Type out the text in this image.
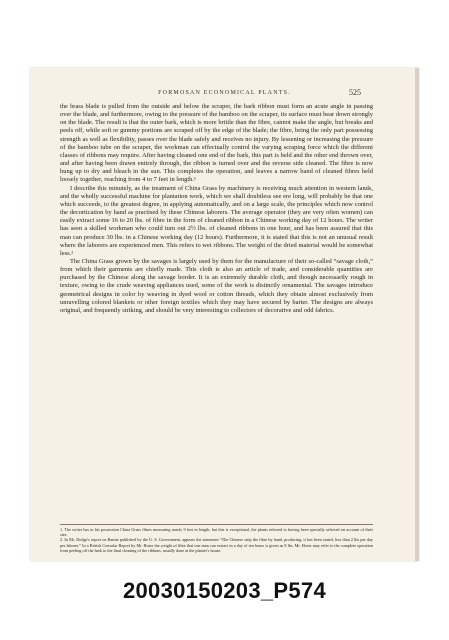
FORMOSAN ECONOMICAL PLANTS.	525

the brass blade is pulled from the outside and below the scraper, the bark ribbon must form an acute angle in passing over the blade, and furthermore, owing to the pressure of the bamboo on the scraper, its surface must bear down strongly on the blade. The result is that the outer bark, which is more brittle than the fibre, cannot make the angle, but breaks and peels off, while soft or gummy portions are scraped off by the edge of the blade; the fibre, being the only part possessing strength as well as flexibility, passes over the blade safely and receives no injury. By lessening or increasing the pressure of the bamboo tube on the scraper, the workman can effectually control the varying scraping force which the different classes of ribbons may require. After having cleaned one end of the bark, this part is held and the other end thrown over, and after having been drawn entirely through, the ribbon is turned over and the reverse side cleaned. The fibre is now hung up to dry and bleach in the sun. This completes the operation, and leaves a narrow band of cleaned fibres held loosely together, reaching from 4 to 7 feet in length.¹

I describe this minutely, as the treatment of China Grass by machinery is receiving much attention in western lands, and the wholly successful machine for plantation work, which we shall doubtless see ere long, will probably be that one which succeeds, to the greatest degree, in applying automatically, and on a large scale, the principles which now control the decortication by hand as practised by these Chinese laborers. The average operator (they are very often women) can easily extract some 16 to 20 lbs. of fibre in the form of cleaned ribbon in a Chinese working day of 12 hours. The writer has seen a skilled workman who could turn out 2½ lbs. of cleaned ribbons in one hour, and has been assured that this man can produce 30 lbs. in a Chinese working day (12 hours). Furthermore, it is stated that this is not an unusual result where the laborers are experienced men. This refers to wet ribbons. The weight of the dried material would be somewhat less.²

The China Grass grown by the savages is largely used by them for the manufacture of their so-called “savage cloth,” from which their garments are chiefly made. This cloth is also an article of trade, and considerable quantities are purchased by the Chinese along the savage border. It is an extremely durable cloth, and though necessarily rough in texture, owing to the crude weaving appliances used, some of the work is distinctly ornamental. The savages introduce geometrical designs in color by weaving in dyed wool or cotton threads, which they obtain almost exclusively from unravelling colored blankets or other foreign textiles which they may have secured by barter. The designs are always original, and frequently striking, and should be very interesting to collectors of decorative and odd fabrics.

1. The writer has in his possession China Grass fibres measuring nearly 9 feet in length, but this is exceptional, the plants referred to having been specially selected on account of their size.

2. In Mr. Dodge's report on Ramie published by the U. S. Government, appears the statement “The Chinese strip the fibre by hand, producing, it has been stated, less than 2 lbs per day per laborer.” In a British Consular Report by Mr. Hosie the weight of fibre that one man can extract in a day of ten hours is given as 8 lbs. Mr. Hosie may refer to the complete operation from peeling off the bark to the final cleaning of the ribbons, usually done at the planter's house.

20030150203_P574
